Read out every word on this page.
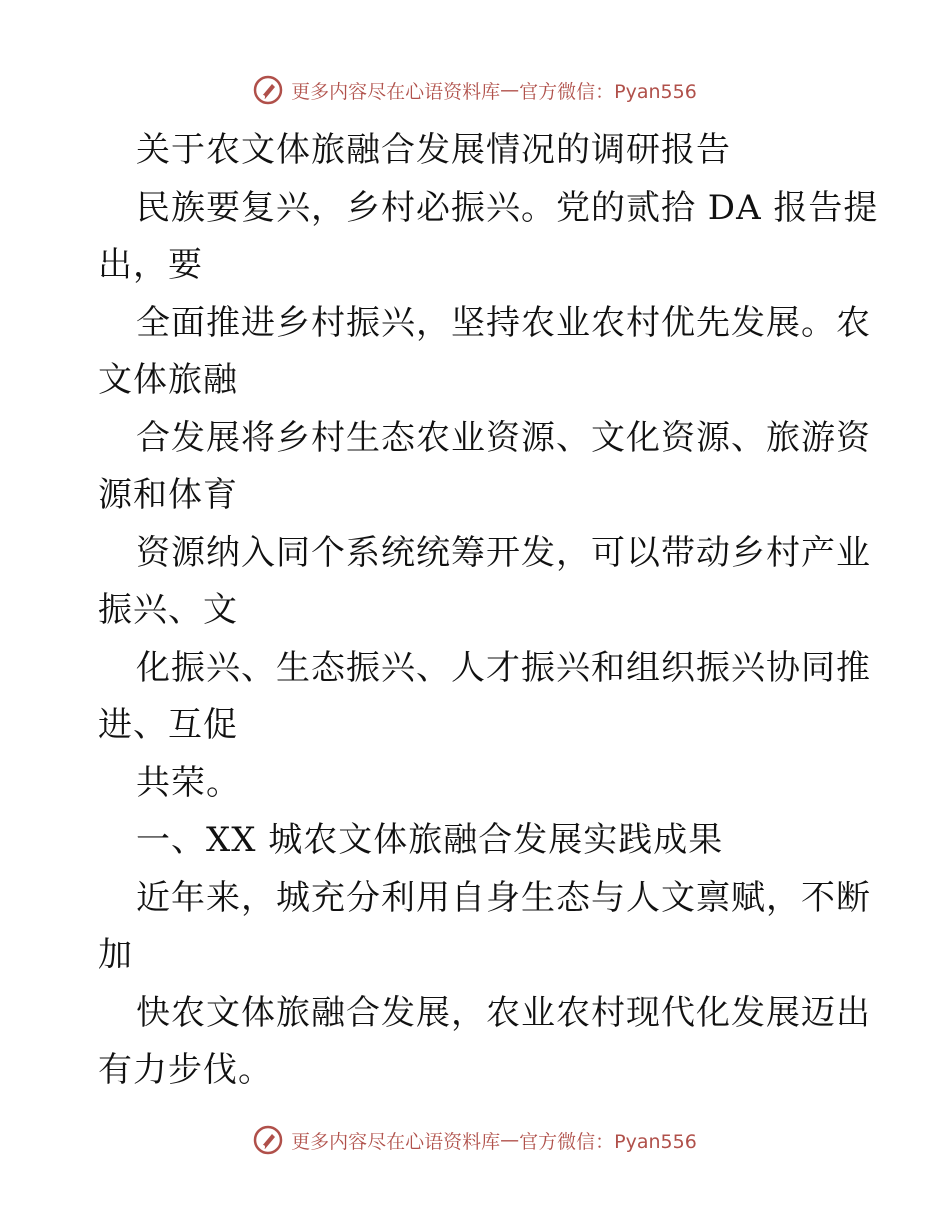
更多内容尽在心语资料库 — 官方微信：Pyan556
关于农文体旅融合发展情况的调研报告
民族要复兴，乡村必振兴。党的贰拾 DA 报告提
出，要
全面推进乡村振兴，坚持农业农村优先发展。农
文体旅融
合发展将乡村生态农业资源、文化资源、旅游资
源和体育
资源纳入同个系统统筹开发，可以带动乡村产业
振兴、文
化振兴、生态振兴、人才振兴和组织振兴协同推
进、互促
共荣。
一、XX 城农文体旅融合发展实践成果
近年来，城充分利用自身生态与人文禀赋，不断
加
快农文体旅融合发展，农业农村现代化发展迈出
有力步伐。
更多内容尽在心语资料库 — 官方微信：Pyan556
